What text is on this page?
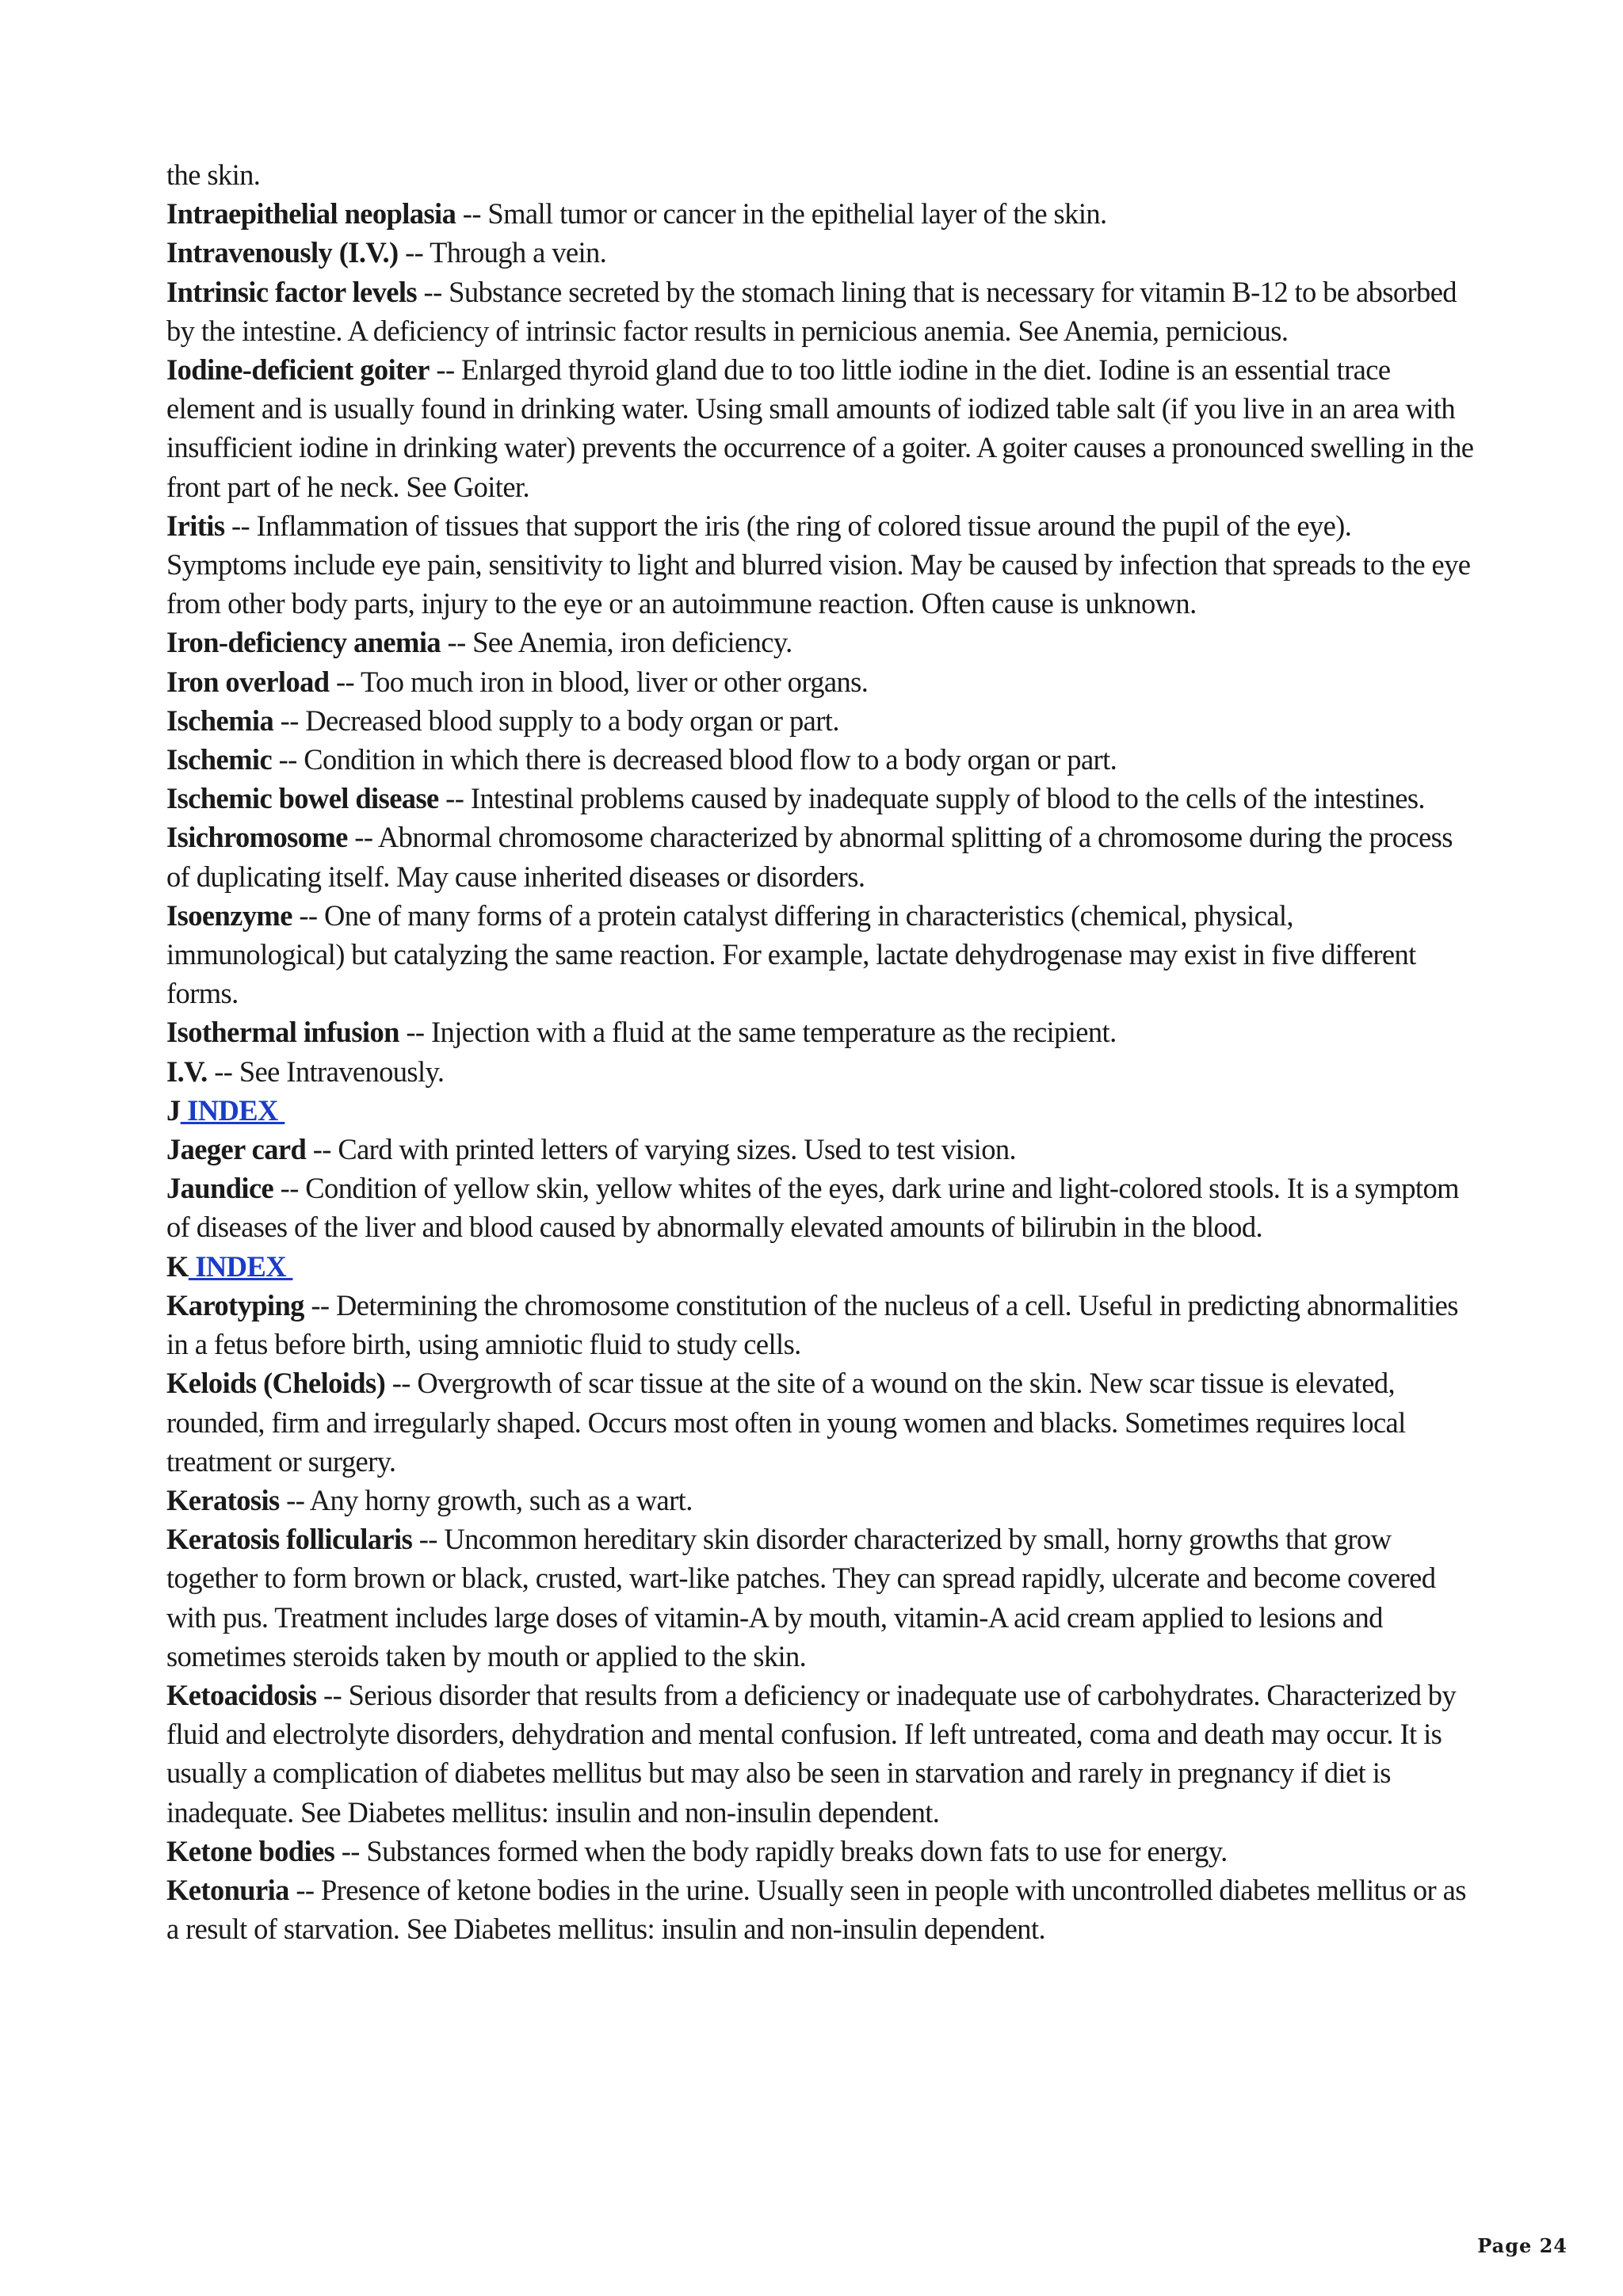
the skin.

Intraepithelial neoplasia -- Small tumor or cancer in the epithelial layer of the skin.

Intravenously (I.V.) -- Through a vein.

Intrinsic factor levels -- Substance secreted by the stomach lining that is necessary for vitamin B-12 to be absorbed by the intestine. A deficiency of intrinsic factor results in pernicious anemia. See Anemia, pernicious.

Iodine-deficient goiter -- Enlarged thyroid gland due to too little iodine in the diet. Iodine is an essential trace element and is usually found in drinking water. Using small amounts of iodized table salt (if you live in an area with insufficient iodine in drinking water) prevents the occurrence of a goiter. A goiter causes a pronounced swelling in the front part of he neck. See Goiter.

Iritis -- Inflammation of tissues that support the iris (the ring of colored tissue around the pupil of the eye). Symptoms include eye pain, sensitivity to light and blurred vision. May be caused by infection that spreads to the eye from other body parts, injury to the eye or an autoimmune reaction. Often cause is unknown.

Iron-deficiency anemia -- See Anemia, iron deficiency.

Iron overload -- Too much iron in blood, liver or other organs.

Ischemia -- Decreased blood supply to a body organ or part.

Ischemic -- Condition in which there is decreased blood flow to a body organ or part.

Ischemic bowel disease -- Intestinal problems caused by inadequate supply of blood to the cells of the intestines.

Isichromosome -- Abnormal chromosome characterized by abnormal splitting of a chromosome during the process of duplicating itself. May cause inherited diseases or disorders.

Isoenzyme -- One of many forms of a protein catalyst differing in characteristics (chemical, physical, immunological) but catalyzing the same reaction. For example, lactate dehydrogenase may exist in five different forms.

Isothermal infusion -- Injection with a fluid at the same temperature as the recipient.

I.V. -- See Intravenously.

J INDEX

Jaeger card -- Card with printed letters of varying sizes. Used to test vision.

Jaundice -- Condition of yellow skin, yellow whites of the eyes, dark urine and light-colored stools. It is a symptom of diseases of the liver and blood caused by abnormally elevated amounts of bilirubin in the blood.

K INDEX

Karotyping -- Determining the chromosome constitution of the nucleus of a cell. Useful in predicting abnormalities in a fetus before birth, using amniotic fluid to study cells.

Keloids (Cheloids) -- Overgrowth of scar tissue at the site of a wound on the skin. New scar tissue is elevated, rounded, firm and irregularly shaped. Occurs most often in young women and blacks. Sometimes requires local treatment or surgery.

Keratosis -- Any horny growth, such as a wart.

Keratosis follicularis -- Uncommon hereditary skin disorder characterized by small, horny growths that grow together to form brown or black, crusted, wart-like patches. They can spread rapidly, ulcerate and become covered with pus. Treatment includes large doses of vitamin-A by mouth, vitamin-A acid cream applied to lesions and sometimes steroids taken by mouth or applied to the skin.

Ketoacidosis -- Serious disorder that results from a deficiency or inadequate use of carbohydrates. Characterized by fluid and electrolyte disorders, dehydration and mental confusion. If left untreated, coma and death may occur. It is usually a complication of diabetes mellitus but may also be seen in starvation and rarely in pregnancy if diet is inadequate. See Diabetes mellitus: insulin and non-insulin dependent.

Ketone bodies -- Substances formed when the body rapidly breaks down fats to use for energy.

Ketonuria -- Presence of ketone bodies in the urine. Usually seen in people with uncontrolled diabetes mellitus or as a result of starvation. See Diabetes mellitus: insulin and non-insulin dependent.

Page 24
